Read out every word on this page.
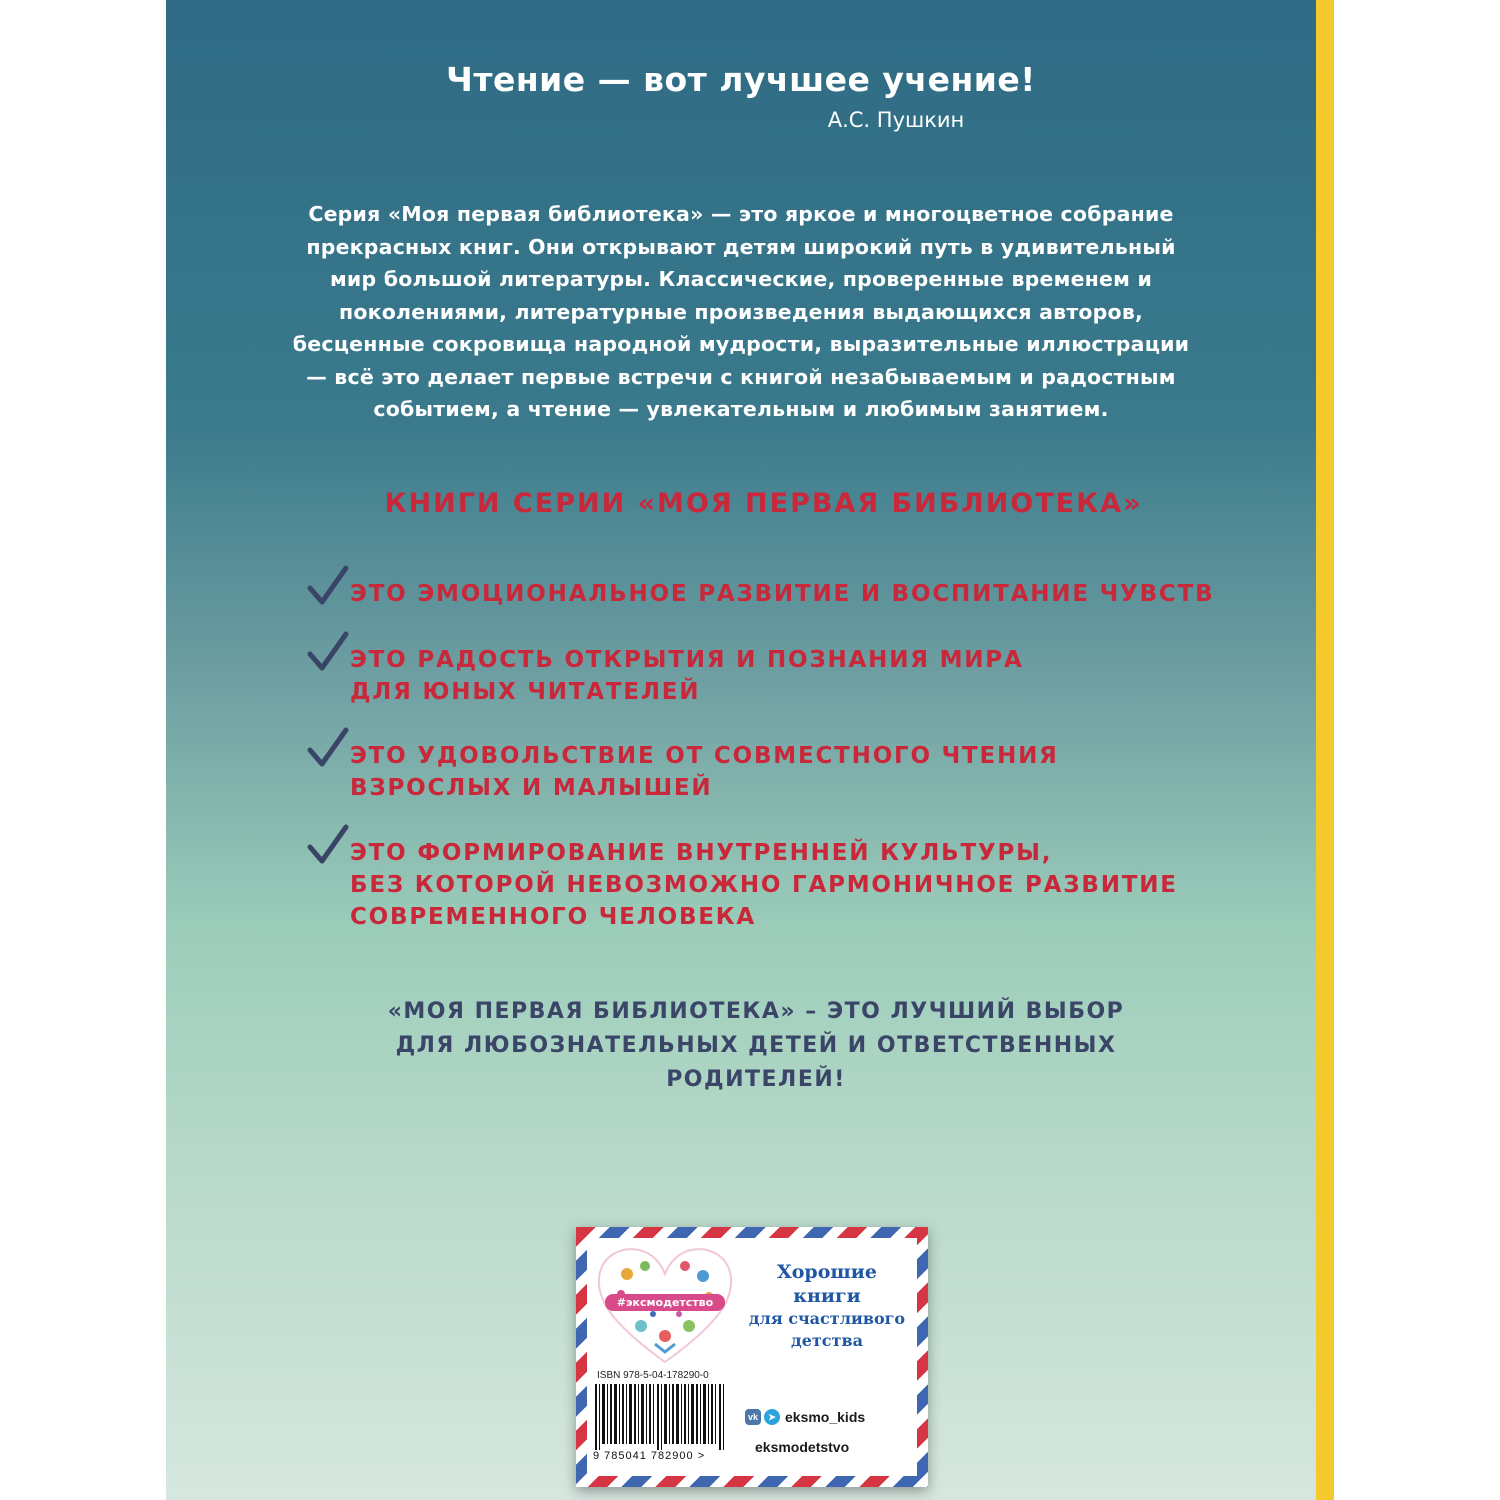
Чтение — вот лучшее учение!
А.С. Пушкин
Серия «Моя первая библиотека» — это яркое и многоцветное собрание прекрасных книг. Они открывают детям широкий путь в удивительный мир большой литературы. Классические, проверенные временем и поколениями, литературные произведения выдающихся авторов, бесценные сокровища народной мудрости, выразительные иллюстрации — всё это делает первые встречи с книгой незабываемым и радостным событием, а чтение — увлекательным и любимым занятием.
КНИГИ СЕРИИ «МОЯ ПЕРВАЯ БИБЛИОТЕКА»
ЭТО ЭМОЦИОНАЛЬНОЕ РАЗВИТИЕ И ВОСПИТАНИЕ ЧУВСТВ
ЭТО РАДОСТЬ ОТКРЫТИЯ И ПОЗНАНИЯ МИРА
ДЛЯ ЮНЫХ ЧИТАТЕЛЕЙ
ЭТО УДОВОЛЬСТВИЕ ОТ СОВМЕСТНОГО ЧТЕНИЯ
ВЗРОСЛЫХ И МАЛЫШЕЙ
ЭТО ФОРМИРОВАНИЕ ВНУТРЕННЕЙ КУЛЬТУРЫ,
БЕЗ КОТОРОЙ НЕВОЗМОЖНО ГАРМОНИЧНОЕ РАЗВИТИЕ
СОВРЕМЕННОГО ЧЕЛОВЕКА
«МОЯ ПЕРВАЯ БИБЛИОТЕКА» – ЭТО ЛУЧШИЙ ВЫБОР
ДЛЯ ЛЮБОЗНАТЕЛЬНЫХ ДЕТЕЙ И ОТВЕТСТВЕННЫХ
РОДИТЕЛЕЙ!
#эксмодетство
Хорошие
книги
для счастливого
детства
ISBN 978-5-04-178290-0
9 785041 782900 >
vk	➤ eksmo_kids
eksmodetstvo
